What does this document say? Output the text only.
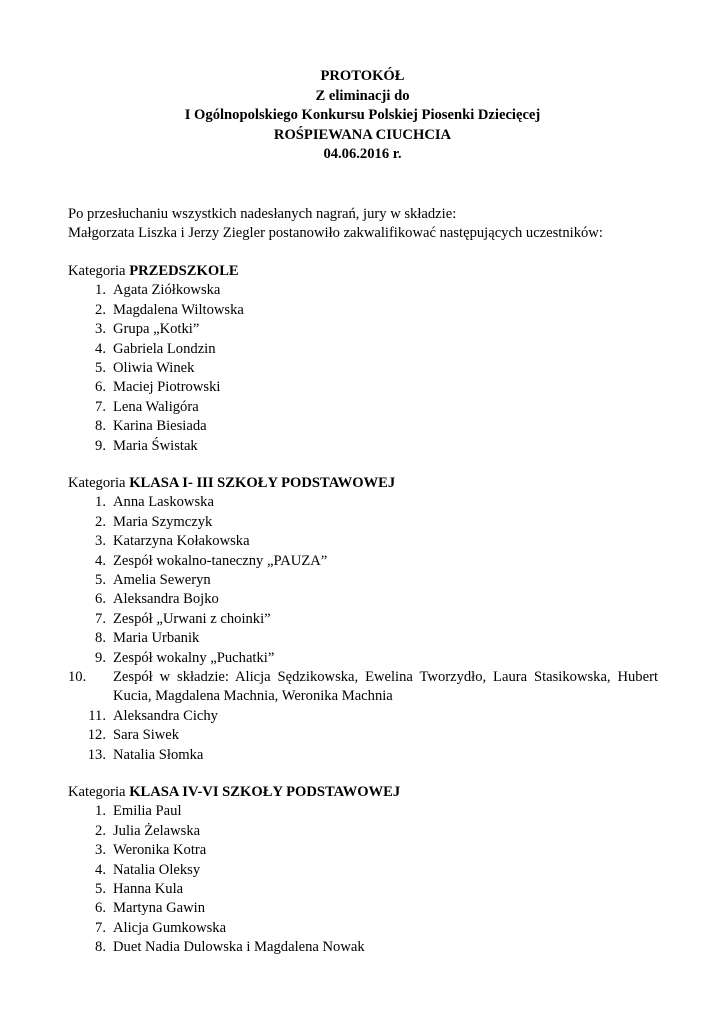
PROTOKÓŁ
Z eliminacji do
I Ogólnopolskiego Konkursu Polskiej Piosenki Dziecięcej
ROŚPIEWANA CIUCHCIA
04.06.2016 r.

Po przesłuchaniu wszystkich nadesłanych nagrań, jury w składzie:

Małgorzata Liszka i Jerzy Ziegler postanowiło zakwalifikować następujących uczestników:

Kategoria PRZEDSZKOLE

1. Agata Ziółkowska
2. Magdalena Wiltowska
3. Grupa „Kotki”
4. Gabriela Londzin
5. Oliwia Winek
6. Maciej Piotrowski
7. Lena Waligóra
8. Karina Biesiada
9. Maria Świstak

Kategoria KLASA I- III SZKOŁY PODSTAWOWEJ

1. Anna Laskowska
2. Maria Szymczyk
3. Katarzyna Kołakowska
4. Zespół wokalno-taneczny „PAUZA”
5. Amelia Seweryn
6. Aleksandra Bojko
7. Zespół „Urwani z choinki”
8. Maria Urbanik
9. Zespół wokalny „Puchatki”
10.	Zespół w składzie: Alicja Sędzikowska, Ewelina Tworzydło, Laura Stasikowska, Hubert Kucia, Magdalena Machnia, Weronika Machnia
11. Aleksandra Cichy
12. Sara Siwek
13. Natalia Słomka

Kategoria KLASA IV-VI SZKOŁY PODSTAWOWEJ

1. Emilia Paul
2. Julia Żelawska
3. Weronika Kotra
4. Natalia Oleksy
5. Hanna Kula
6. Martyna Gawin
7. Alicja Gumkowska
8. Duet Nadia Dulowska i Magdalena Nowak
